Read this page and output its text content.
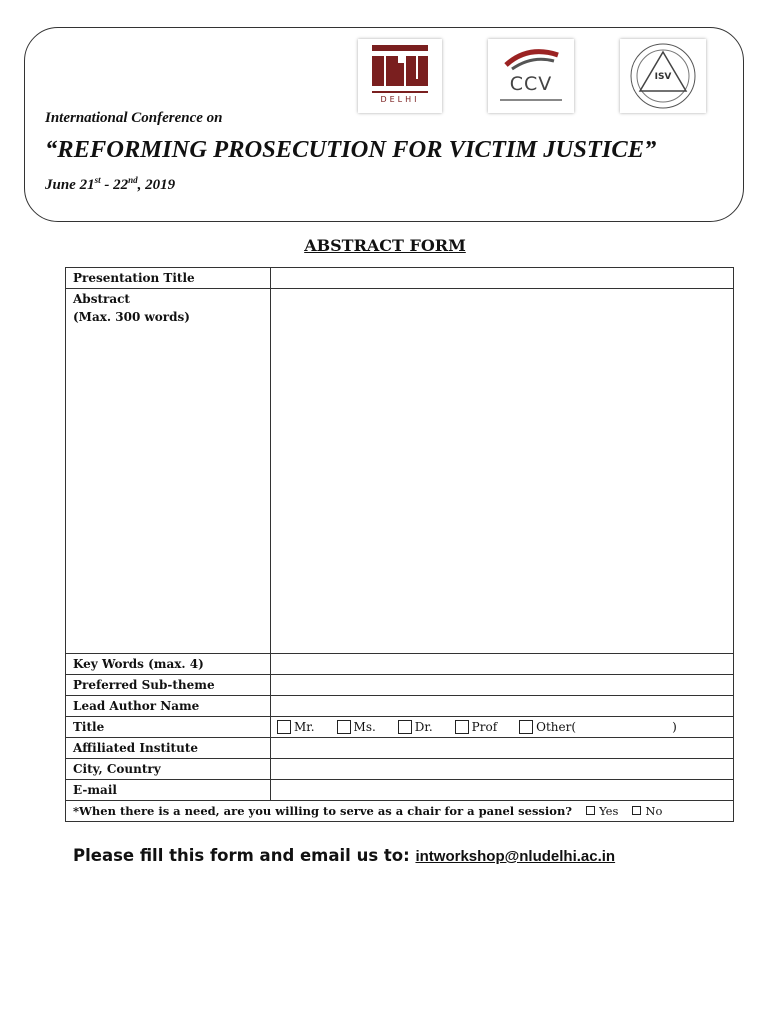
DELHI
CCV	ISV
International Conference on
“REFORMING PROSECUTION FOR VICTIM JUSTICE”
June 21st - 22nd, 2019
ABSTRACT FORM
Presentation Title	

Abstract
(Max. 300 words)	

Key Words (max. 4)	
Preferred Sub-theme	
Lead Author Name	
Title	Mr. Ms. Dr. Prof Other( )
Affiliated Institute	
City, Country	
E-mail	
*When there is a need, are you willing to serve as a chair for a panel session? Yes No	
Please fill this form and email us to: intworkshop@nludelhi.ac.in
